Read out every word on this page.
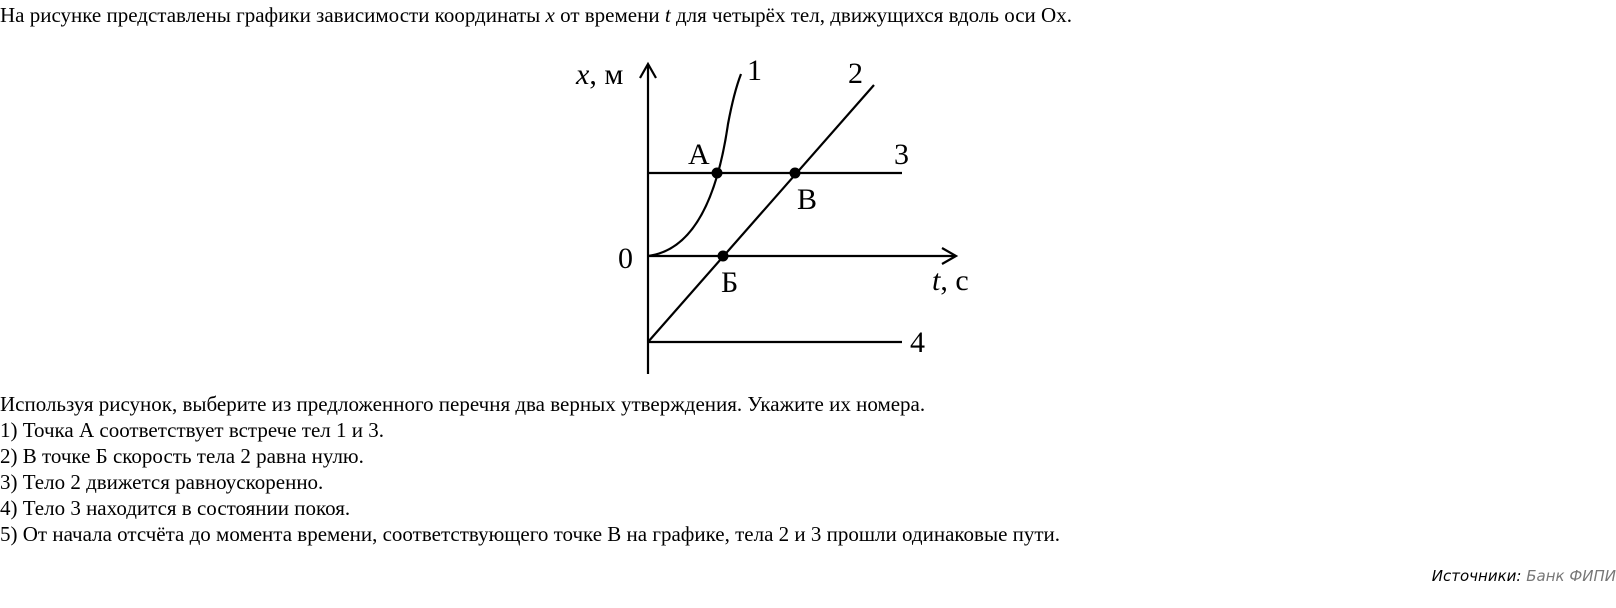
На рисунке представлены графики зависимости координаты x от времени t для четырёх тел, движущихся вдоль оси Ох.
x, м
t, с
0
1	2
3
4
А
Б
В

Используя рисунок, выберите из предложенного перечня два верных утверждения. Укажите их номера.

1) Точка А соответствует встрече тел 1 и 3.

2) В точке Б скорость тела 2 равна нулю.

3) Тело 2 движется равноускоренно.

4) Тело 3 находится в состоянии покоя.

5) От начала отсчёта до момента времени, соответствующего точке В на графике, тела 2 и 3 прошли одинаковые пути.

Источники: Банк ФИПИ
